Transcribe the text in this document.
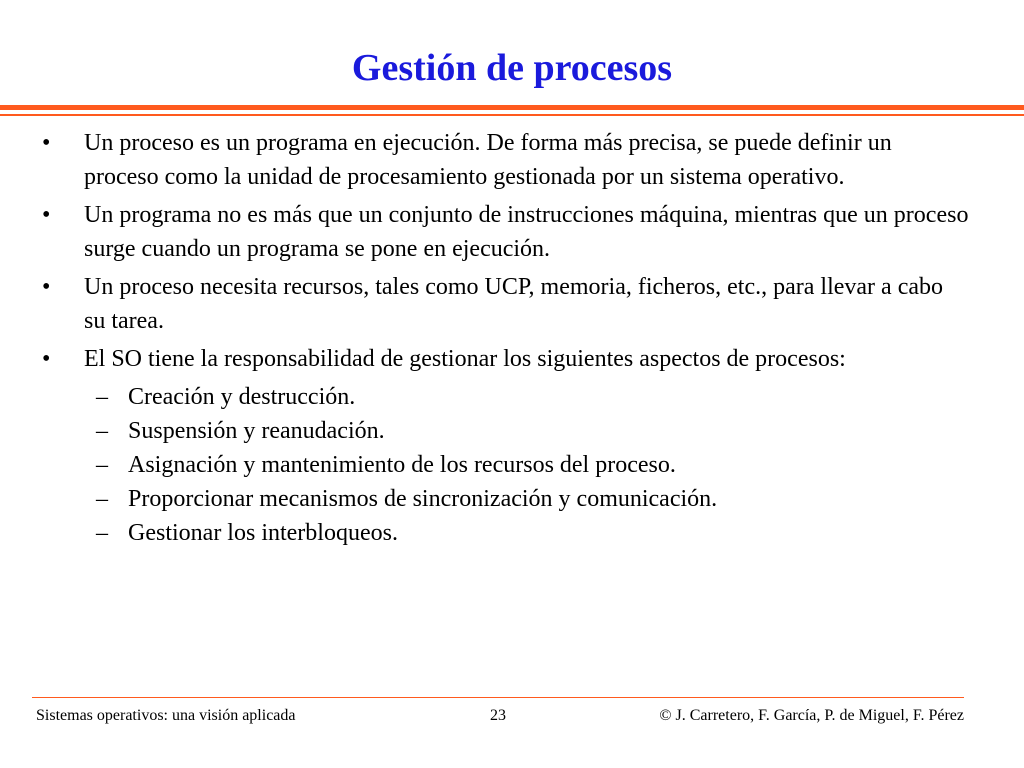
Gestión de procesos
• Un proceso es un programa en ejecución. De forma más precisa, se puede definir un proceso como la unidad de procesamiento gestionada por un sistema operativo.
• Un programa no es más que un conjunto de instrucciones máquina, mientras que un proceso surge cuando un programa se pone en ejecución.
• Un proceso necesita recursos, tales como UCP, memoria, ficheros, etc., para llevar a cabo su tarea.
• El SO tiene la responsabilidad de gestionar los siguientes aspectos de procesos:
– Creación y destrucción.
– Suspensión y reanudación.
– Asignación y mantenimiento de los recursos del proceso.
– Proporcionar mecanismos de sincronización y comunicación.
– Gestionar los interbloqueos.
Sistemas operativos: una visión aplicada	23	© J. Carretero, F. García, P. de Miguel, F. Pérez
